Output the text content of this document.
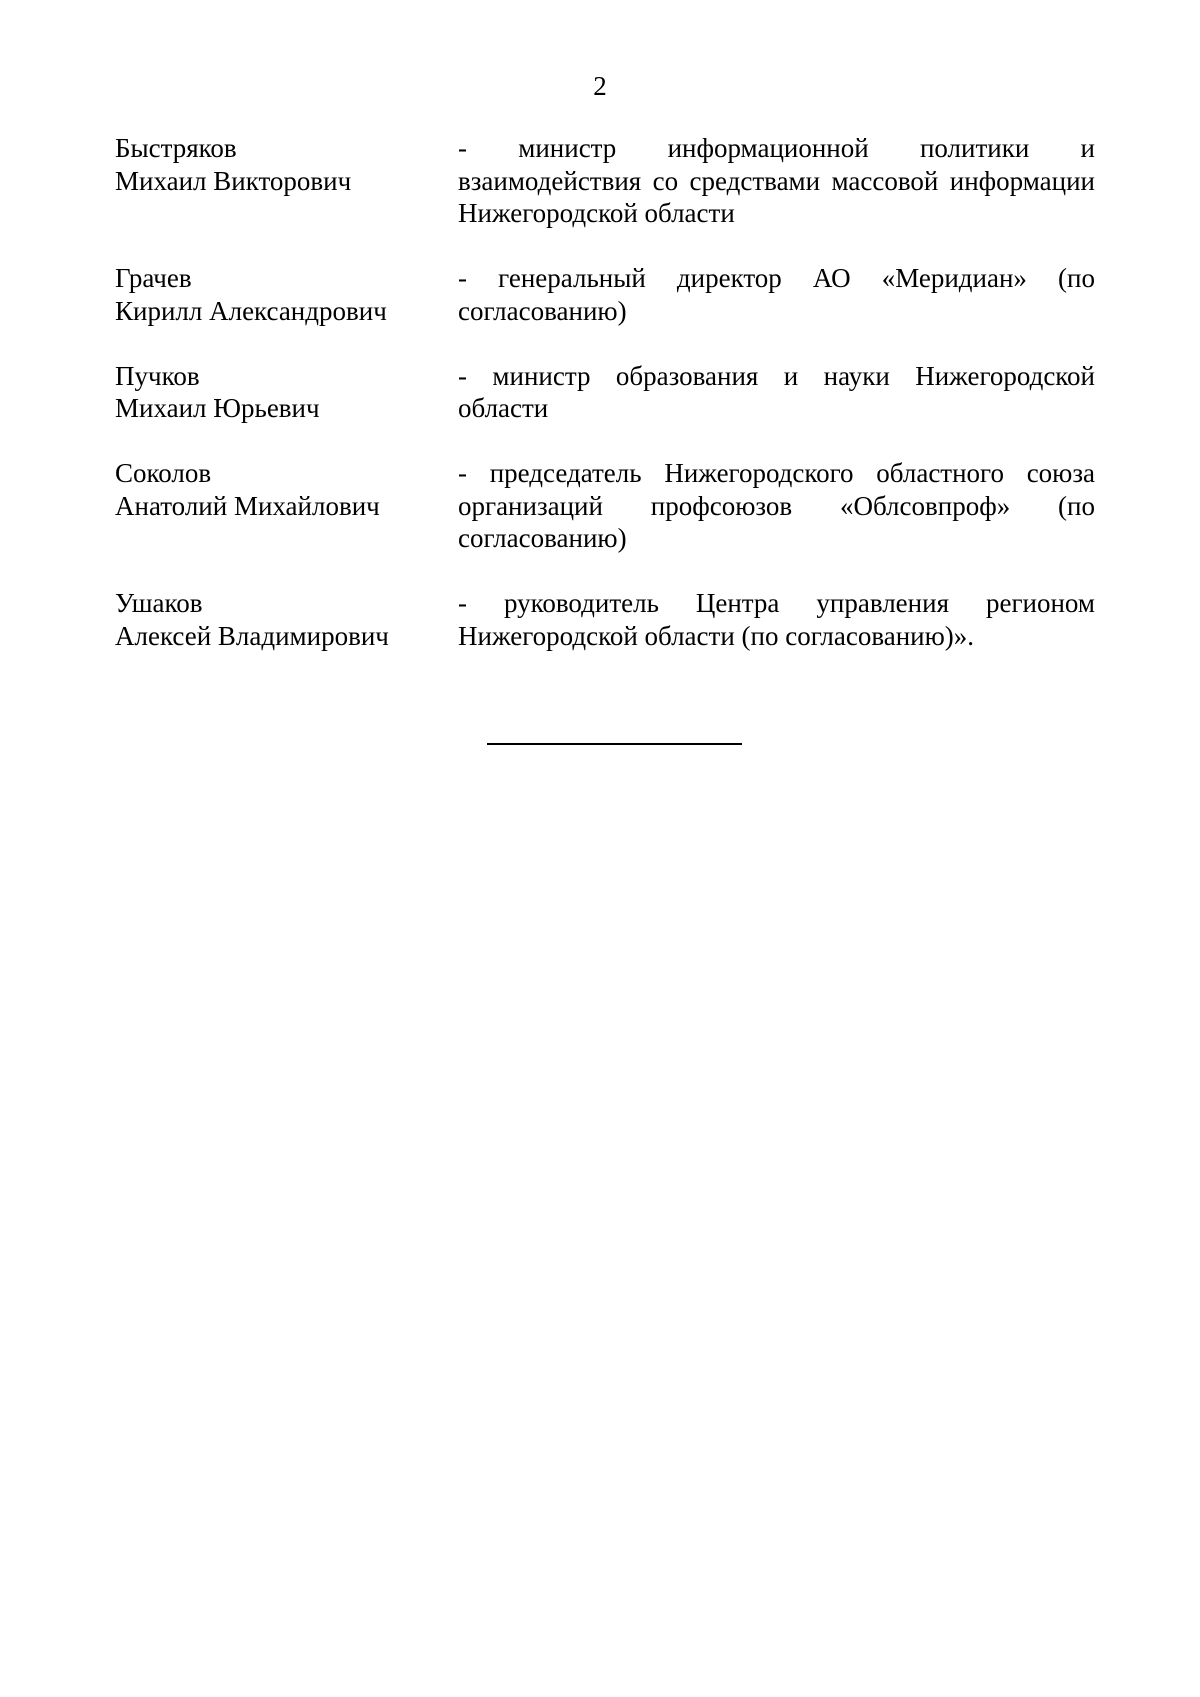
2
Быстряков
Михаил Викторович
- министр информационной политики и взаимодействия со средствами массовой информации Нижегородской области
Грачев
Кирилл Александрович
- генеральный директор АО «Меридиан» (по согласованию)
Пучков
Михаил Юрьевич
- министр образования и науки Нижегородской области
Соколов
Анатолий Михайлович
- председатель Нижегородского областного союза организаций профсоюзов «Облсовпроф» (по согласованию)
Ушаков
Алексей Владимирович
- руководитель Центра управления регионом Нижегородской области (по согласованию)».
